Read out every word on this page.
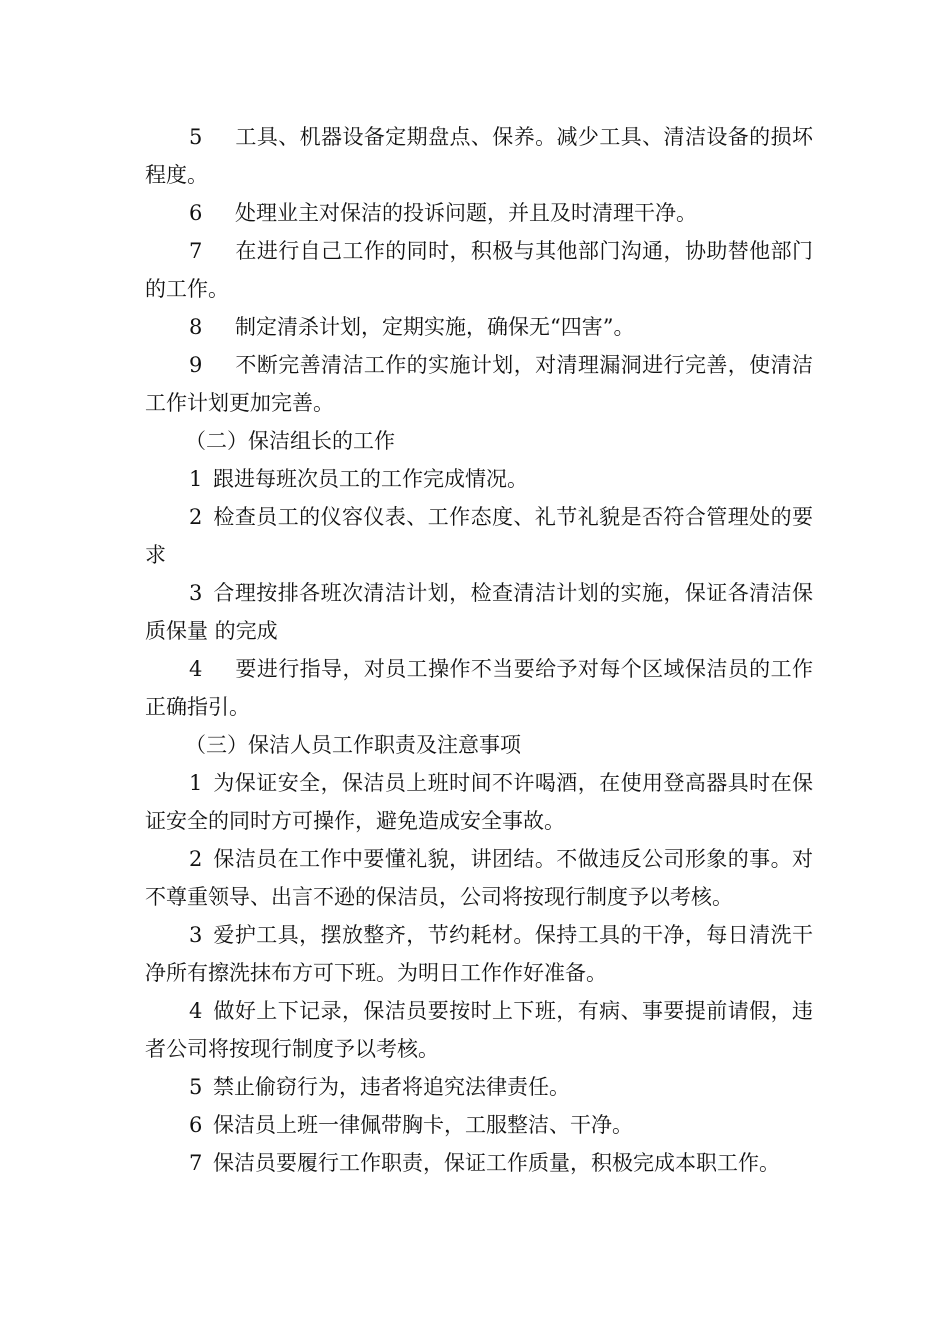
5 工具、机器设备定期盘点、保养。减少工具、清洁设备的损坏程度。

6 处理业主对保洁的投诉问题，并且及时清理干净。

7 在进行自己工作的同时，积极与其他部门沟通，协助替他部门的工作。

8 制定清杀计划，定期实施，确保无“四害”。

9 不断完善清洁工作的实施计划，对清理漏洞进行完善，使清洁工作计划更加完善。

（二）保洁组长的工作

1 跟进每班次员工的工作完成情况。

2 检查员工的仪容仪表、工作态度、礼节礼貌是否符合管理处的要求

3 合理按排各班次清洁计划，检查清洁计划的实施，保证各清洁保质保量 的完成

4 要进行指导，对员工操作不当要给予对每个区域保洁员的工作正确指引。

（三）保洁人员工作职责及注意事项

1 为保证安全，保洁员上班时间不许喝酒，在使用登高器具时在保证安全的同时方可操作，避免造成安全事故。

2 保洁员在工作中要懂礼貌，讲团结。不做违反公司形象的事。对不尊重领导、出言不逊的保洁员，公司将按现行制度予以考核。

3 爱护工具，摆放整齐，节约耗材。保持工具的干净，每日清洗干净所有擦洗抹布方可下班。为明日工作作好准备。

4 做好上下记录，保洁员要按时上下班，有病、事要提前请假，违者公司将按现行制度予以考核。

5 禁止偷窃行为，违者将追究法律责任。

6 保洁员上班一律佩带胸卡，工服整洁、干净。

7 保洁员要履行工作职责，保证工作质量，积极完成本职工作。
